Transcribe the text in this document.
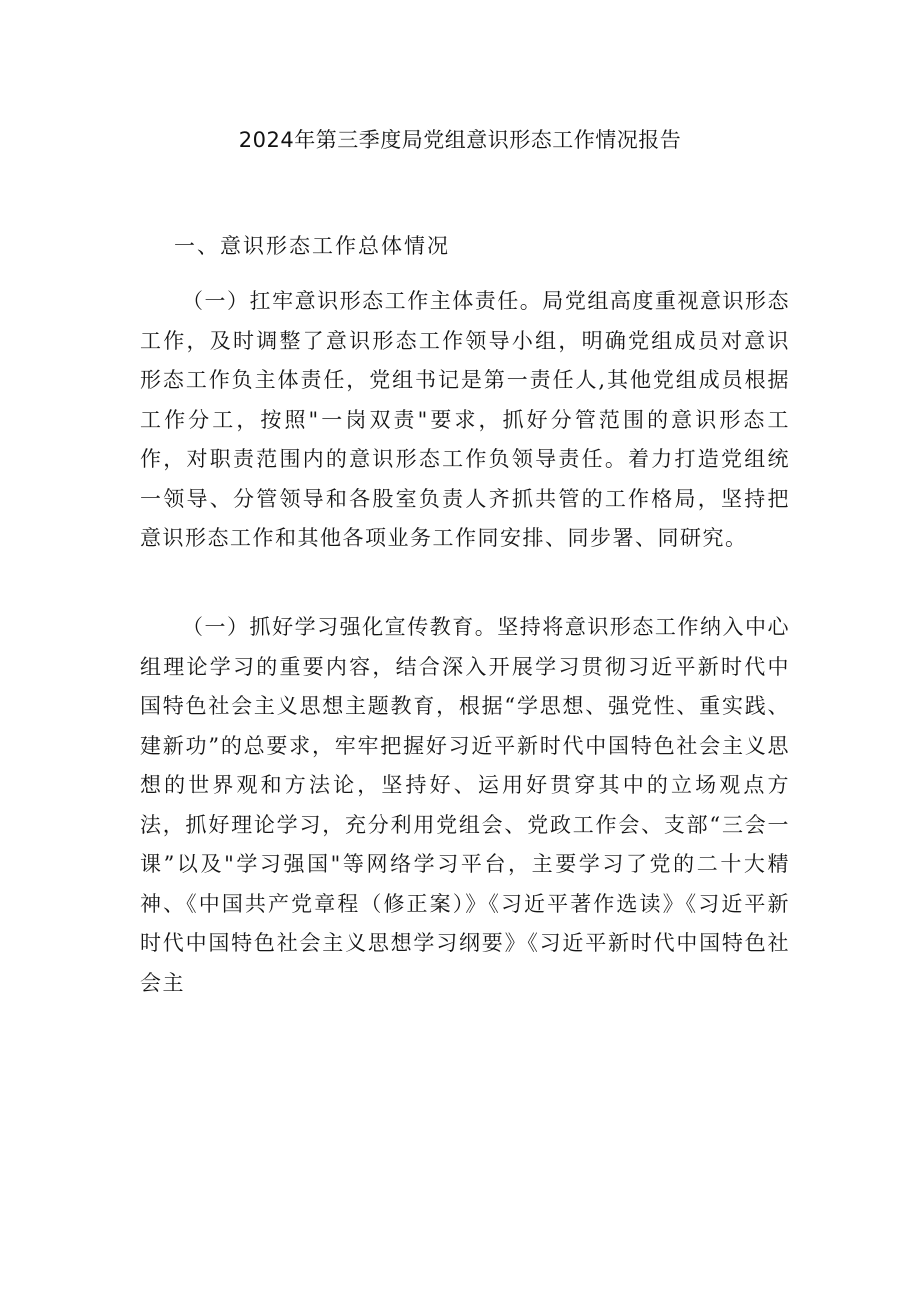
2024年第三季度局党组意识形态工作情况报告
一、意识形态工作总体情况

（一）扛牢意识形态工作主体责任。局党组高度重视意识形态工作，及时调整了意识形态工作领导小组，明确党组成员对意识形态工作负主体责任，党组书记是第一责任人,其他党组成员根据工作分工，按照"一岗双责"要求，抓好分管范围的意识形态工作，对职责范围内的意识形态工作负领导责任。着力打造党组统一领导、分管领导和各股室负责人齐抓共管的工作格局，坚持把意识形态工作和其他各项业务工作同安排、同步署、同研究。

（一）抓好学习强化宣传教育。坚持将意识形态工作纳入中心组理论学习的重要内容，结合深入开展学习贯彻习近平新时代中国特色社会主义思想主题教育，根据“学思想、强党性、重实践、建新功”的总要求，牢牢把握好习近平新时代中国特色社会主义思想的世界观和方法论，坚持好、运用好贯穿其中的立场观点方法，抓好理论学习，充分利用党组会、党政工作会、支部“三会一课”以及"学习强国"等网络学习平台，主要学习了党的二十大精神、《中国共产党章程（修正案）》《习近平著作选读》《习近平新时代中国特色社会主义思想学习纲要》《习近平新时代中国特色社会主
